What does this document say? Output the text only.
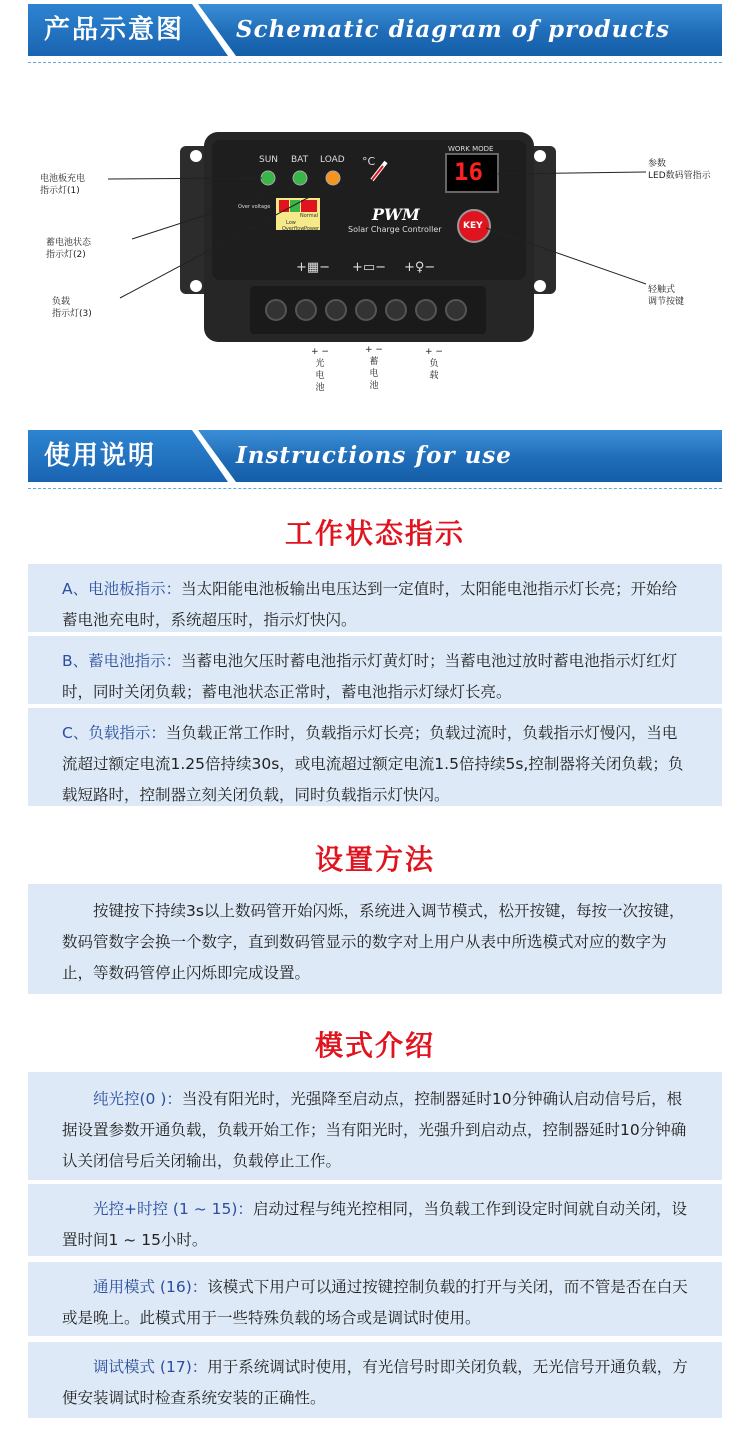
产品示意图 Schematic diagram of products
SUN BAT LOAD °C
WORK MODE
16
PWM
Solar Charge Controller KEY
Over voltage
Normal
Low
Overflow Power
+▦− +▭− +♀−
电池板充电
指示灯(1)
蓄电池状态
指示灯(2)
负载
指示灯(3)
参数
LED数码管指示
轻触式
调节按键
+ −
光
电
池
+ −
蓄
电
池
+ −
负
载
使用说明	Instructions for use
工作状态指示

A、电池板指示：当太阳能电池板输出电压达到一定值时，太阳能电池指示灯长亮；开始给蓄电池充电时，系统超压时，指示灯快闪。

B、蓄电池指示：当蓄电池欠压时蓄电池指示灯黄灯时；当蓄电池过放时蓄电池指示灯红灯时，同时关闭负载；蓄电池状态正常时，蓄电池指示灯绿灯长亮。

C、负载指示：当负载正常工作时，负载指示灯长亮；负载过流时，负载指示灯慢闪，当电流超过额定电流1.25倍持续30s，或电流超过额定电流1.5倍持续5s,控制器将关闭负载；负载短路时，控制器立刻关闭负载，同时负载指示灯快闪。

设置方法

按键按下持续3s以上数码管开始闪烁，系统进入调节模式，松开按键，每按一次按键，数码管数字会换一个数字，直到数码管显示的数字对上用户从表中所选模式对应的数字为止，等数码管停止闪烁即完成设置。

模式介绍

纯光控(0 )：当没有阳光时，光强降至启动点，控制器延时10分钟确认启动信号后，根据设置参数开通负载，负载开始工作；当有阳光时，光强升到启动点，控制器延时10分钟确认关闭信号后关闭输出，负载停止工作。

光控+时控 (1 ~ 15)：启动过程与纯光控相同，当负载工作到设定时间就自动关闭，设置时间1 ~ 15小时。

通用模式 (16)：该模式下用户可以通过按键控制负载的打开与关闭，而不管是否在白天或是晚上。此模式用于一些特殊负载的场合或是调试时使用。

调试模式 (17)：用于系统调试时使用，有光信号时即关闭负载，无光信号开通负载，方便安装调试时检查系统安装的正确性。
